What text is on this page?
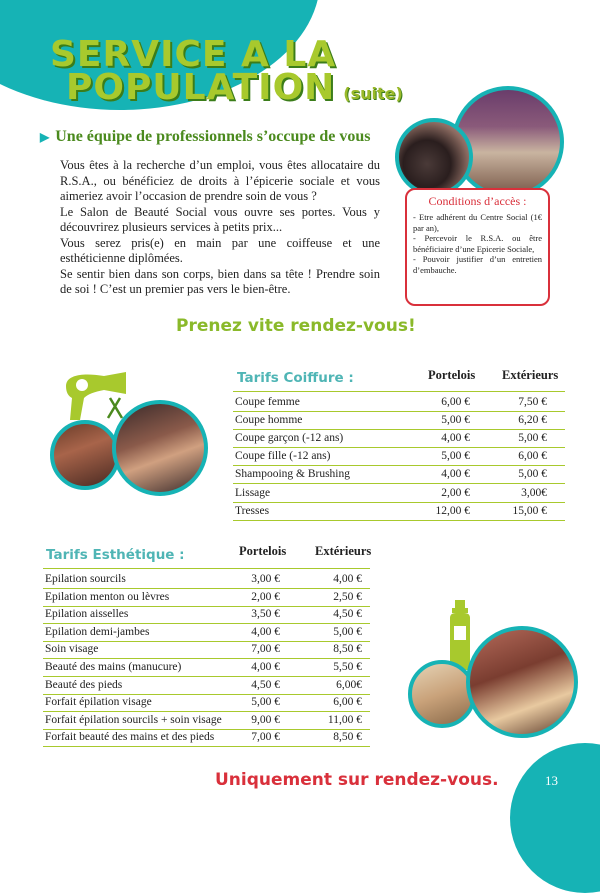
13
SERVICE A LA
POPULATION (suite)
▶ Une équipe de professionnels s’occupe de vous

Vous êtes à la recherche d’un emploi, vous êtes allocataire du R.S.A., ou bénéficiez de droits à l’épicerie sociale et vous aimeriez avoir l’occasion de prendre soin de vous ?

Le Salon de Beauté Social vous ouvre ses portes. Vous y découvrirez plusieurs services à petits prix...

Vous serez pris(e) en main par une coiffeuse et une esthéticienne diplômées.

Se sentir bien dans son corps, bien dans sa tête ! Prendre soin de soi ! C’est un premier pas vers le bien-être.

Conditions d’accès :
- Etre adhérent du Centre Social (1€ par an),
- Percevoir le R.S.A. ou être bénéficiaire d’une Epicerie Sociale,
- Pouvoir justifier d’un entretien d’embauche.
Prenez vite rendez-vous!
Tarifs Coiffure :	Portelois Extérieurs
Coupe femme	6,00 €	7,50 €
Coupe homme	5,00 €	6,20 €
Coupe garçon (-12 ans)	4,00 €	5,00 €
Coupe fille (-12 ans)	5,00 €	6,00 €
Shampooing & Brushing	4,00 €	5,00 €
Lissage	2,00 €	3,00€
Tresses	12,00 €	15,00 €
Tarifs Esthétique :	Portelois Extérieurs
Epilation sourcils	3,00 €	4,00 €
Epilation menton ou lèvres	2,00 €	2,50 €
Epilation aisselles	3,50 €	4,50 €
Epilation demi-jambes	4,00 €	5,00 €
Soin visage	7,00 €	8,50 €
Beauté des mains (manucure)	4,00 €	5,50 €
Beauté des pieds	4,50 €	6,00€
Forfait épilation visage	5,00 €	6,00 €
Forfait épilation sourcils + soin visage	9,00 €	11,00 €
Forfait beauté des mains et des pieds	7,00 €	8,50 €
Uniquement sur rendez-vous.
